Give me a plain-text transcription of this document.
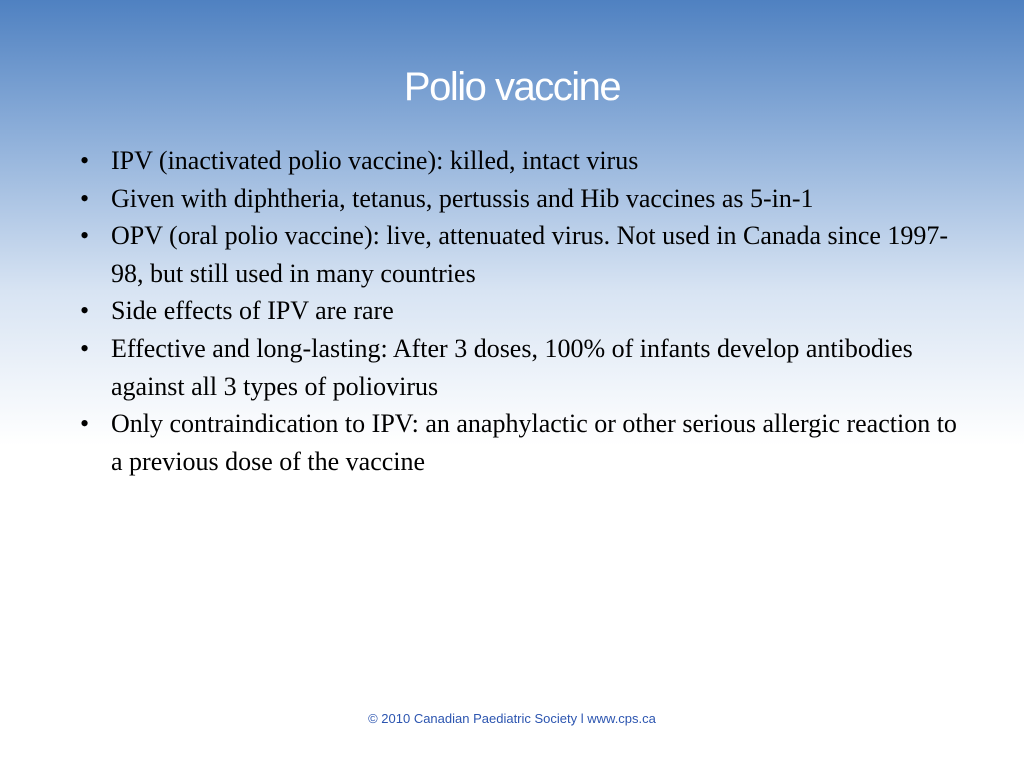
Polio vaccine
• IPV (inactivated polio vaccine): killed, intact virus
• Given with diphtheria, tetanus, pertussis and Hib vaccines as 5-in-1
• OPV (oral polio vaccine): live, attenuated virus. Not used in Canada since 1997-98, but still used in many countries
• Side effects of IPV are rare
• Effective and long-lasting: After 3 doses, 100% of infants develop antibodies against all 3 types of poliovirus
• Only contraindication to IPV: an anaphylactic or other serious allergic reaction to a previous dose of the vaccine
© 2010 Canadian Paediatric Society l www.cps.ca
